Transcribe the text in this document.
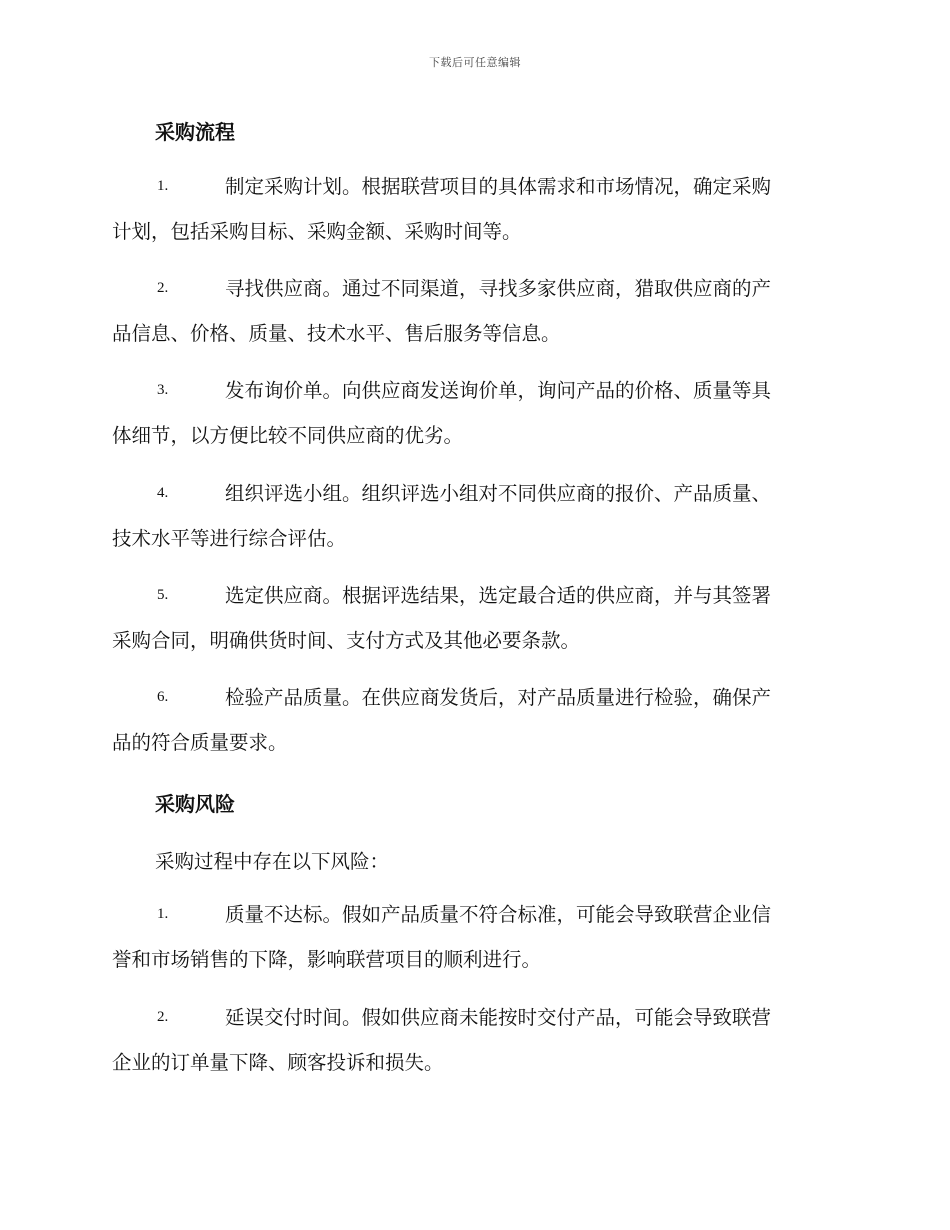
下载后可任意编辑
采购流程
1.	制定采购计划。根据联营项目的具体需求和市场情况，确定采购
计划，包括采购目标、采购金额、采购时间等。
2.	寻找供应商。通过不同渠道，寻找多家供应商，猎取供应商的产
品信息、价格、质量、技术水平、售后服务等信息。
3.	发布询价单。向供应商发送询价单，询问产品的价格、质量等具
体细节，以方便比较不同供应商的优劣。
4.	组织评选小组。组织评选小组对不同供应商的报价、产品质量、
技术水平等进行综合评估。
5.	选定供应商。根据评选结果，选定最合适的供应商，并与其签署
采购合同，明确供货时间、支付方式及其他必要条款。
6.	检验产品质量。在供应商发货后，对产品质量进行检验，确保产
品的符合质量要求。
采购风险
采购过程中存在以下风险：
1.	质量不达标。假如产品质量不符合标准，可能会导致联营企业信
誉和市场销售的下降，影响联营项目的顺利进行。
2.	延误交付时间。假如供应商未能按时交付产品，可能会导致联营
企业的订单量下降、顾客投诉和损失。
